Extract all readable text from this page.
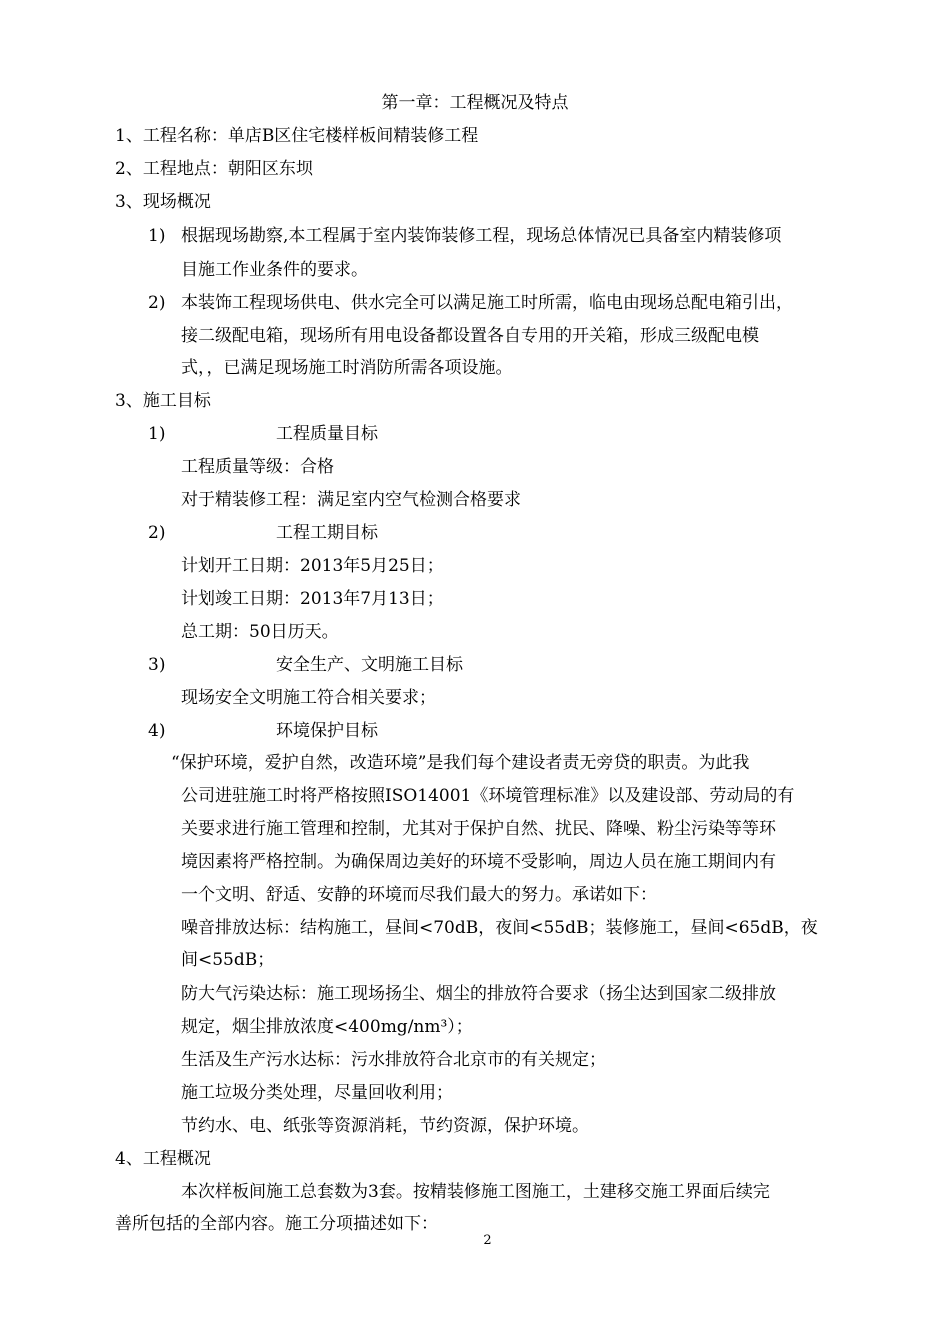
第一章：工程概况及特点
1、工程名称：单店B区住宅楼样板间精装修工程
2、工程地点：朝阳区东坝
3、现场概况
1) 根据现场勘察,本工程属于室内装饰装修工程，现场总体情况已具备室内精装修项
目施工作业条件的要求。
2) 本装饰工程现场供电、供水完全可以满足施工时所需，临电由现场总配电箱引出，
接二级配电箱，现场所有用电设备都设置各自专用的开关箱，形成三级配电模
式，，已满足现场施工时消防所需各项设施。
3、施工目标
1)	工程质量目标
工程质量等级：合格
对于精装修工程：满足室内空气检测合格要求
2)	工程工期目标
计划开工日期：2013年5月25日；
计划竣工日期：2013年7月13日；
总工期：50日历天。
3)	安全生产、文明施工目标
现场安全文明施工符合相关要求；
4)	环境保护目标
“保护环境，爱护自然，改造环境”是我们每个建设者责无旁贷的职责。为此我
公司进驻施工时将严格按照ISO14001《环境管理标准》以及建设部、劳动局的有
关要求进行施工管理和控制，尤其对于保护自然、扰民、降噪、粉尘污染等等环
境因素将严格控制。为确保周边美好的环境不受影响，周边人员在施工期间内有
一个文明、舒适、安静的环境而尽我们最大的努力。承诺如下：
噪音排放达标：结构施工，昼间<70dB，夜间<55dB；装修施工，昼间<65dB，夜
间<55dB；
防大气污染达标：施工现场扬尘、烟尘的排放符合要求（扬尘达到国家二级排放
规定，烟尘排放浓度<400mg/nm³）；
生活及生产污水达标：污水排放符合北京市的有关规定；
施工垃圾分类处理，尽量回收利用；
节约水、电、纸张等资源消耗，节约资源，保护环境。
4、工程概况
本次样板间施工总套数为3套。按精装修施工图施工，土建移交施工界面后续完
善所包括的全部内容。施工分项描述如下：
2
